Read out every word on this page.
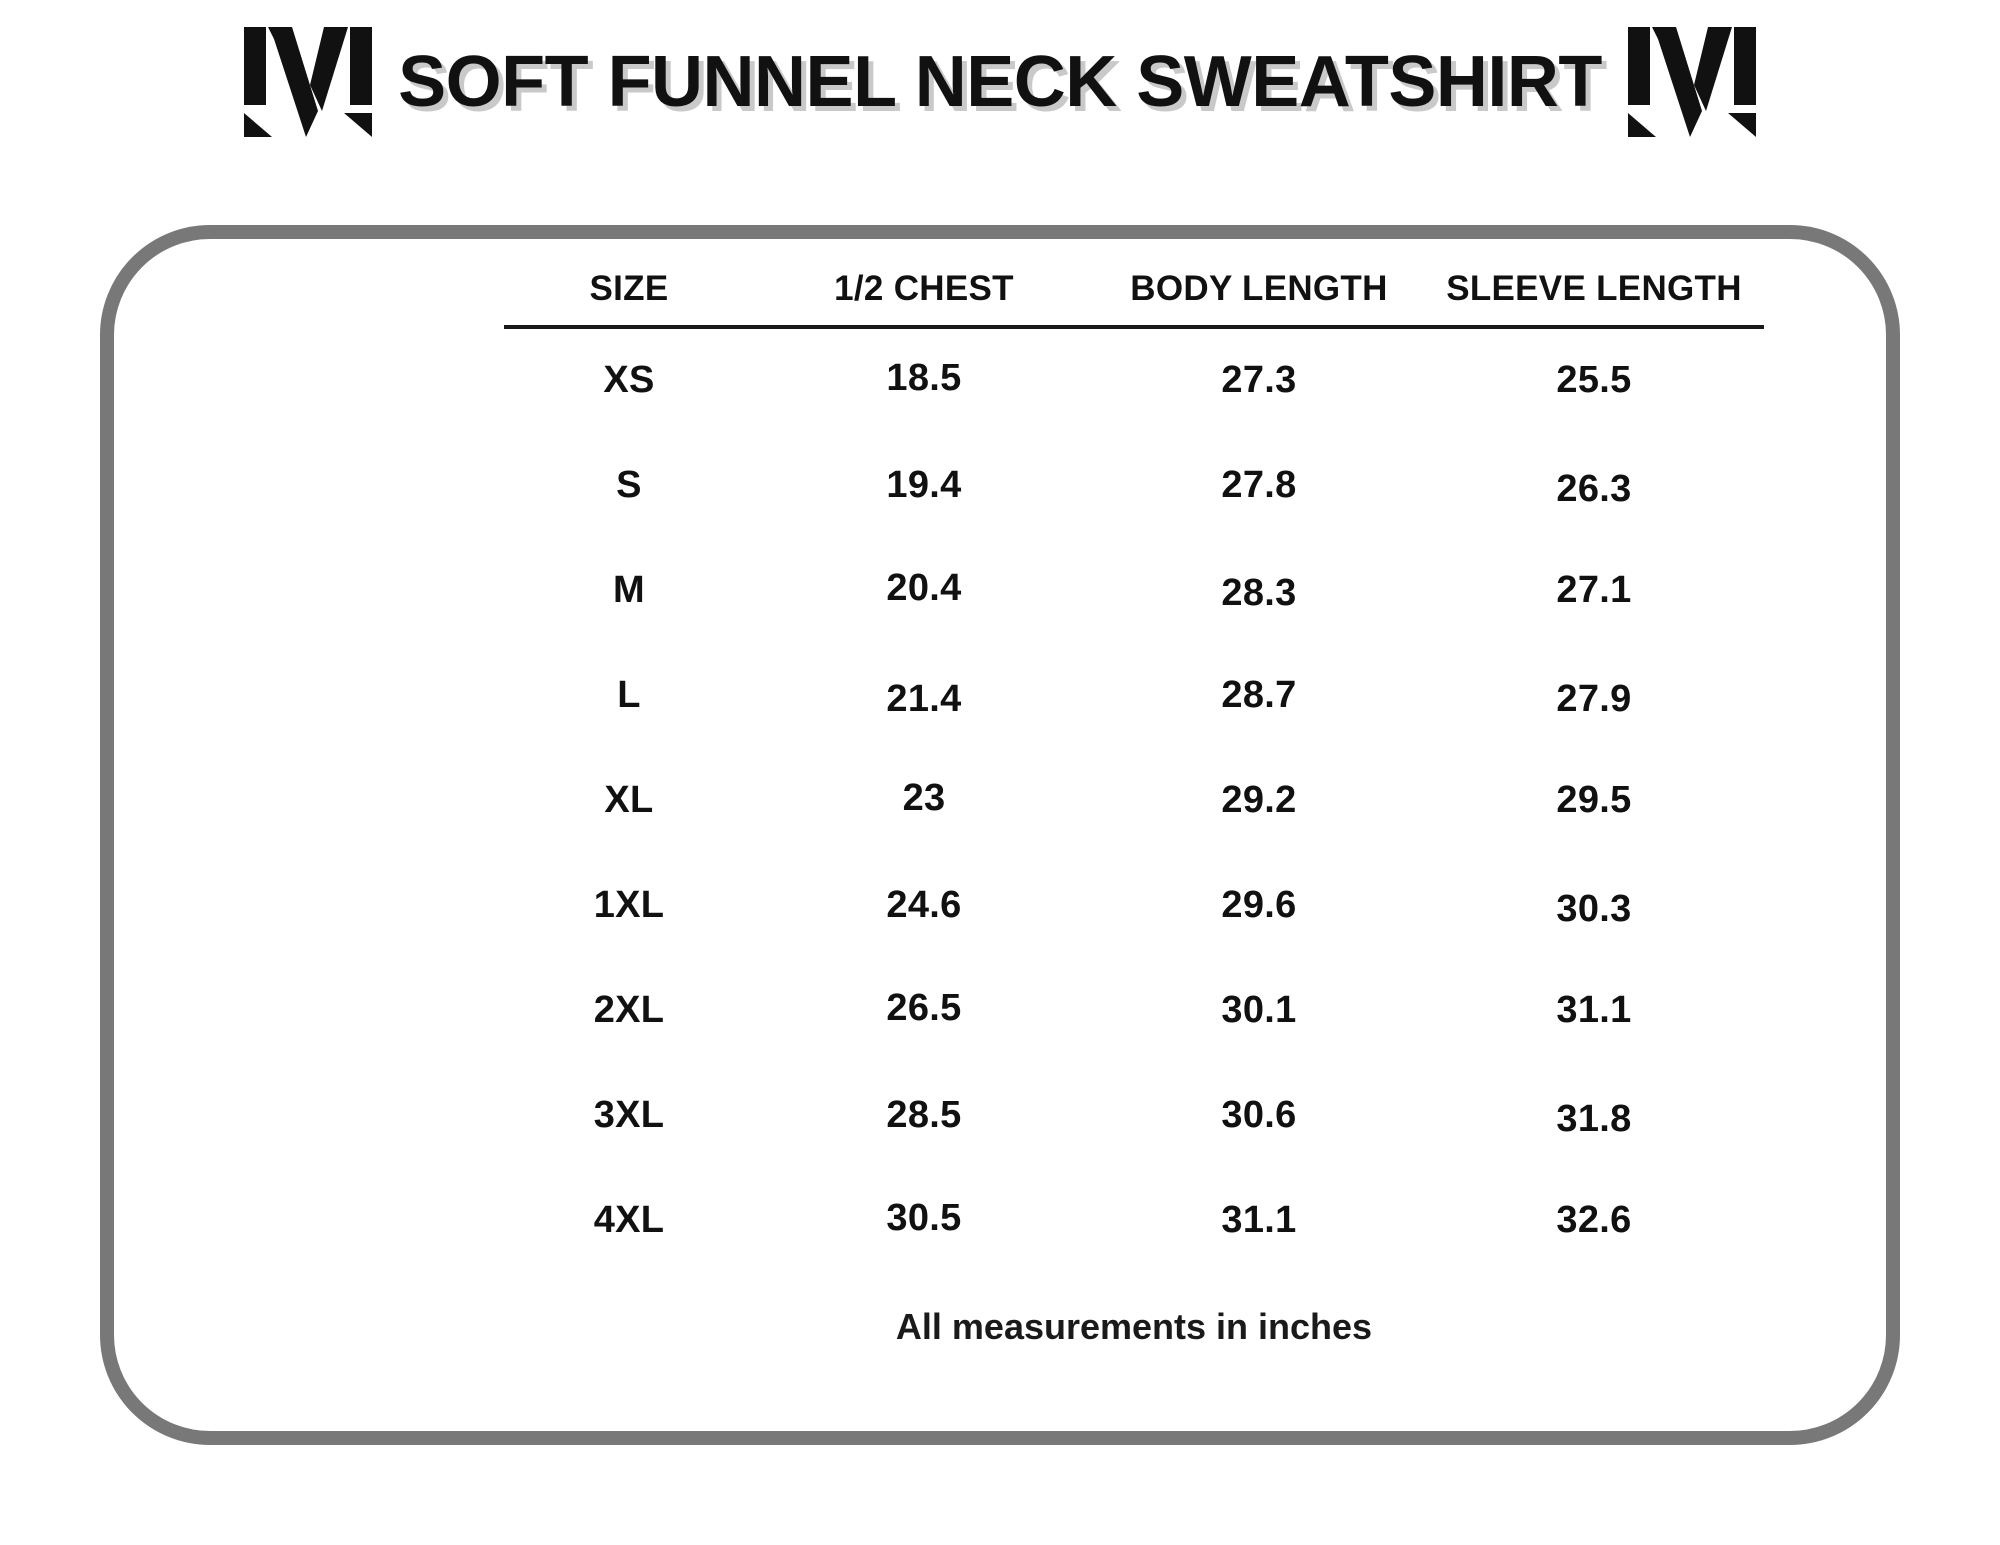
SOFT FUNNEL NECK SWEATSHIRT
SIZE	1/2 CHEST	BODY LENGTH	SLEEVE LENGTH
XS	18.5	27.3	25.5
S	19.4	27.8	26.3
M	20.4	28.3	27.1
L	21.4	28.7	27.9
XL	23	29.2	29.5
1XL	24.6	29.6	30.3
2XL	26.5	30.1	31.1
3XL	28.5	30.6	31.8
4XL	30.5	31.1	32.6
All measurements in inches
